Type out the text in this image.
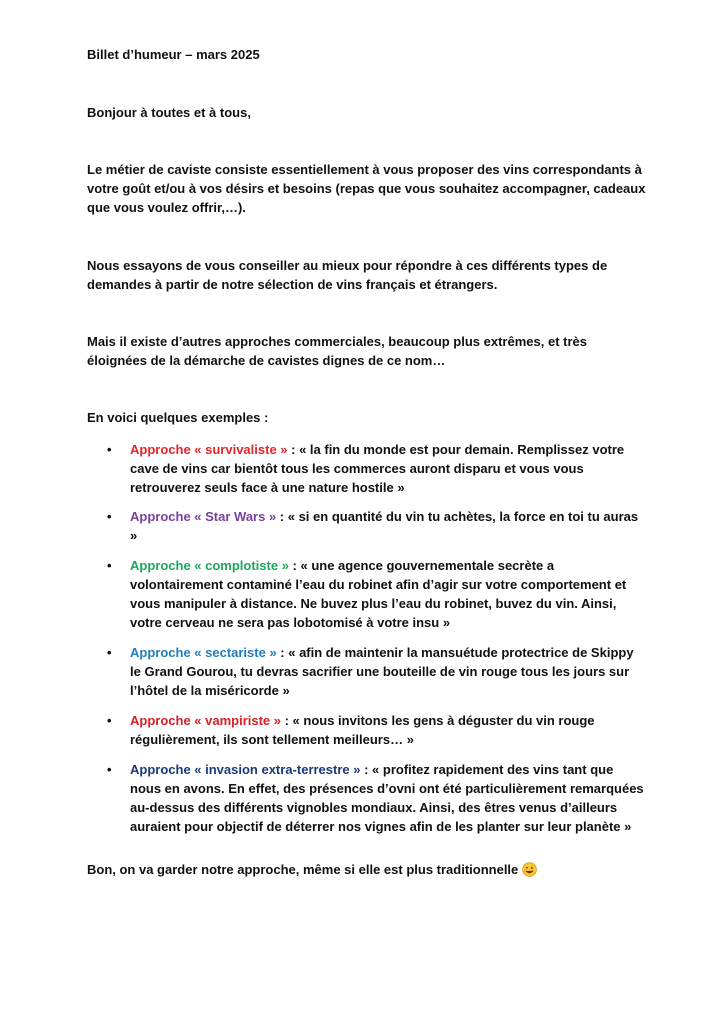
Billet d’humeur – mars 2025

Bonjour à toutes et à tous,

Le métier de caviste consiste essentiellement à vous proposer des vins correspondants à votre goût et/ou à vos désirs et besoins (repas que vous souhaitez accompagner, cadeaux que vous voulez offrir,…).

Nous essayons de vous conseiller au mieux pour répondre à ces différents types de demandes à partir de notre sélection de vins français et étrangers.

Mais il existe d’autres approches commerciales, beaucoup plus extrêmes, et très éloignées de la démarche de cavistes dignes de ce nom…

En voici quelques exemples :

• Approche « survivaliste » : « la fin du monde est pour demain. Remplissez votre cave de vins car bientôt tous les commerces auront disparu et vous vous retrouverez seuls face à une nature hostile »
• Approche « Star Wars » : « si en quantité du vin tu achètes, la force en toi tu auras »
• Approche « complotiste » : « une agence gouvernementale secrète a volontairement contaminé l’eau du robinet afin d’agir sur votre comportement et vous manipuler à distance. Ne buvez plus l’eau du robinet, buvez du vin. Ainsi, votre cerveau ne sera pas lobotomisé à votre insu »
• Approche « sectariste » : « afin de maintenir la mansuétude protectrice de Skippy le Grand Gourou, tu devras sacrifier une bouteille de vin rouge tous les jours sur l’hôtel de la miséricorde »
• Approche « vampiriste » : « nous invitons les gens à déguster du vin rouge régulièrement, ils sont tellement meilleurs… »
• Approche « invasion extra-terrestre » : « profitez rapidement des vins tant que nous en avons. En effet, des présences d’ovni ont été particulièrement remarquées au-dessus des différents vignobles mondiaux. Ainsi, des êtres venus d’ailleurs auraient pour objectif de déterrer nos vignes afin de les planter sur leur planète »

Bon, on va garder notre approche, même si elle est plus traditionnelle
